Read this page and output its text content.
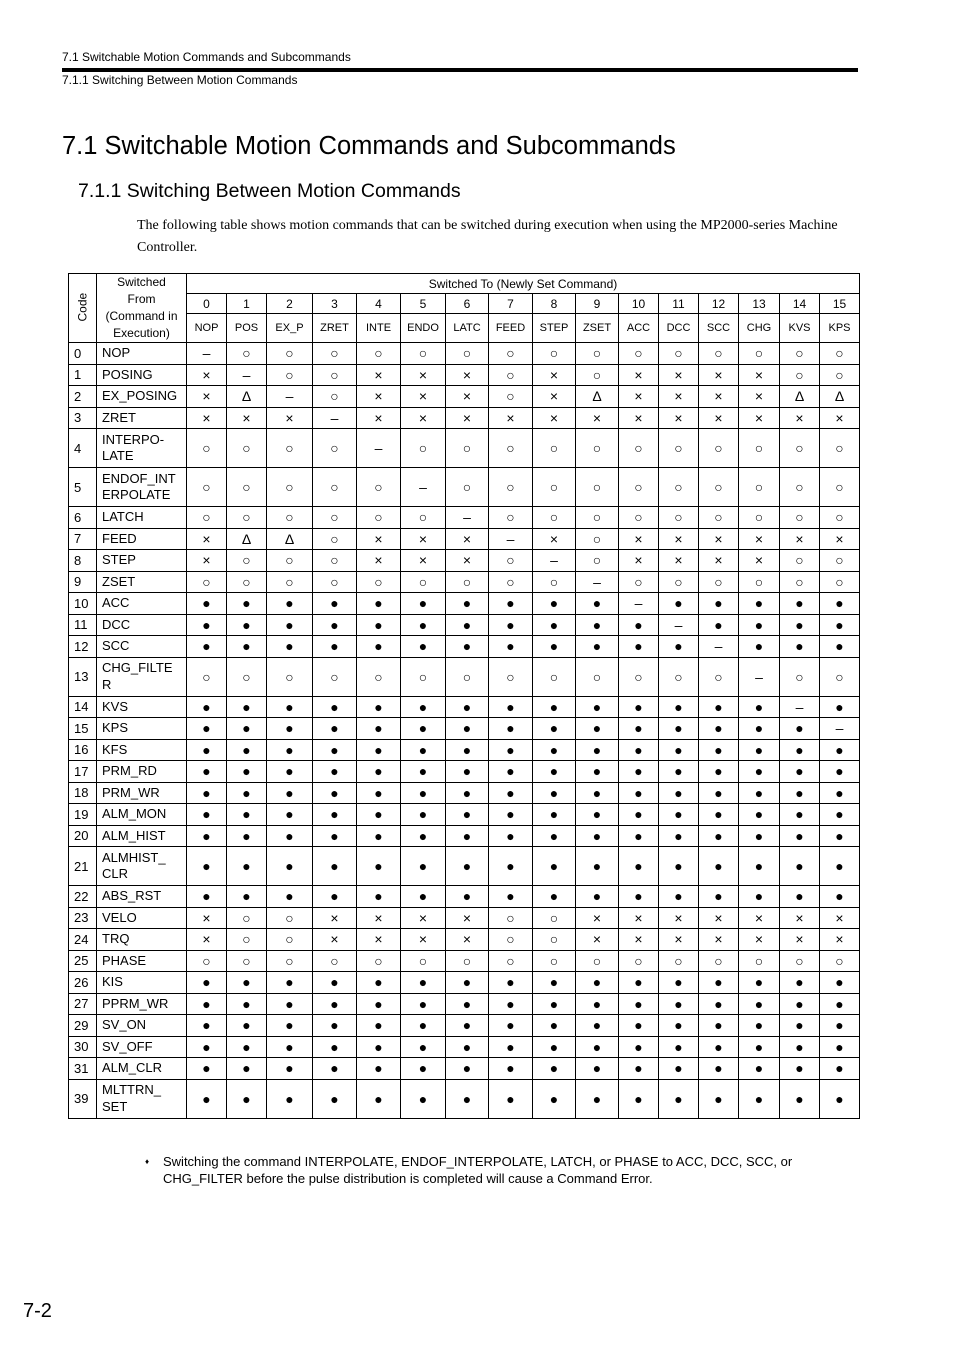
7.1 Switchable Motion Commands and Subcommands
7.1.1 Switching Between Motion Commands
7.1 Switchable Motion Commands and Subcommands
7.1.1 Switching Between Motion Commands

The following table shows motion commands that can be switched during execution when using the MP2000-series Machine Controller.

Code	Switched
From
(Command in
Execution)	Switched To (Newly Set Command)															
		0	1	2	3	4	5	6	7	8	9	10	11	12	13	14	15
		NOP	POS	EX_P	ZRET	INTE	ENDO	LATC	FEED	STEP	ZSET	ACC	DCC	SCC	CHG	KVS	KPS
0	NOP	–	○	○	○	○	○	○	○	○	○	○	○	○	○	○	○
1	POSING	×	–	○	○	×	×	×	○	×	○	×	×	×	×	○	○
2	EX_POSING	×	Δ	–	○	×	×	×	○	×	Δ	×	×	×	×	Δ	Δ
3	ZRET	×	×	×	–	×	×	×	×	×	×	×	×	×	×	×	×
4	INTERPO-
LATE	○	○	○	○	–	○	○	○	○	○	○	○	○	○	○	○
5	ENDOF_INT
ERPOLATE	○	○	○	○	○	–	○	○	○	○	○	○	○	○	○	○
6	LATCH	○	○	○	○	○	○	–	○	○	○	○	○	○	○	○	○
7	FEED	×	Δ	Δ	○	×	×	×	–	×	○	×	×	×	×	×	×
8	STEP	×	○	○	○	×	×	×	○	–	○	×	×	×	×	○	○
9	ZSET	○	○	○	○	○	○	○	○	○	–	○	○	○	○	○	○
10	ACC	●	●	●	●	●	●	●	●	●	●	–	●	●	●	●	●
11	DCC	●	●	●	●	●	●	●	●	●	●	●	–	●	●	●	●
12	SCC	●	●	●	●	●	●	●	●	●	●	●	●	–	●	●	●
13	CHG_FILTE
R	○	○	○	○	○	○	○	○	○	○	○	○	○	–	○	○
14	KVS	●	●	●	●	●	●	●	●	●	●	●	●	●	●	–	●
15	KPS	●	●	●	●	●	●	●	●	●	●	●	●	●	●	●	–
16	KFS	●	●	●	●	●	●	●	●	●	●	●	●	●	●	●	●
17	PRM_RD	●	●	●	●	●	●	●	●	●	●	●	●	●	●	●	●
18	PRM_WR	●	●	●	●	●	●	●	●	●	●	●	●	●	●	●	●
19	ALM_MON	●	●	●	●	●	●	●	●	●	●	●	●	●	●	●	●
20	ALM_HIST	●	●	●	●	●	●	●	●	●	●	●	●	●	●	●	●
21	ALMHIST_
CLR	●	●	●	●	●	●	●	●	●	●	●	●	●	●	●	●
22	ABS_RST	●	●	●	●	●	●	●	●	●	●	●	●	●	●	●	●
23	VELO	×	○	○	×	×	×	×	○	○	×	×	×	×	×	×	×
24	TRQ	×	○	○	×	×	×	×	○	○	×	×	×	×	×	×	×
25	PHASE	○	○	○	○	○	○	○	○	○	○	○	○	○	○	○	○
26	KIS	●	●	●	●	●	●	●	●	●	●	●	●	●	●	●	●
27	PPRM_WR	●	●	●	●	●	●	●	●	●	●	●	●	●	●	●	●
29	SV_ON	●	●	●	●	●	●	●	●	●	●	●	●	●	●	●	●
30	SV_OFF	●	●	●	●	●	●	●	●	●	●	●	●	●	●	●	●
31	ALM_CLR	●	●	●	●	●	●	●	●	●	●	●	●	●	●	●	●
39	MLTTRN_
SET	●	●	●	●	●	●	●	●	●	●	●	●	●	●	●	●
♦ Switching the command INTERPOLATE, ENDOF_INTERPOLATE, LATCH, or PHASE to ACC, DCC, SCC, or CHG_FILTER before the pulse distribution is completed will cause a Command Error.
7-2
